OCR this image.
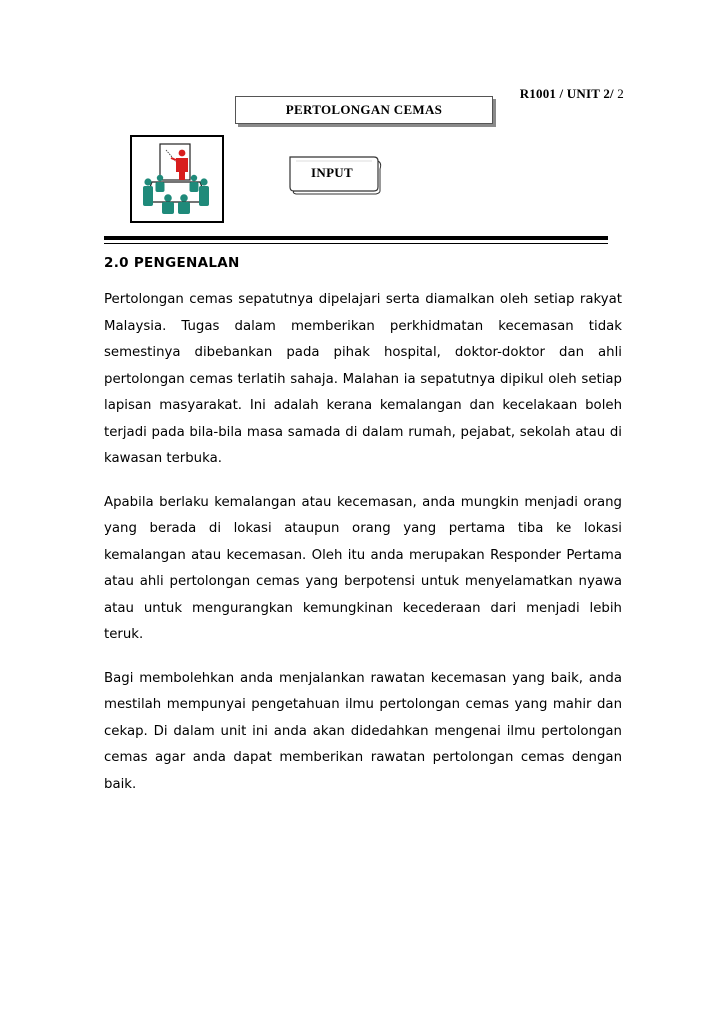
R1001 / UNIT 2/ 2
PERTOLONGAN CEMAS
INPUT
2.0 PENGENALAN

Pertolongan cemas sepatutnya dipelajari serta diamalkan oleh setiap rakyat Malaysia. Tugas dalam memberikan perkhidmatan kecemasan tidak semestinya dibebankan pada pihak hospital, doktor-doktor dan ahli pertolongan cemas terlatih sahaja. Malahan ia sepatutnya dipikul oleh setiap lapisan masyarakat. Ini adalah kerana kemalangan dan kecelakaan boleh terjadi pada bila-bila masa samada di dalam rumah, pejabat, sekolah atau di kawasan terbuka.

Apabila berlaku kemalangan atau kecemasan, anda mungkin menjadi orang yang berada di lokasi ataupun orang yang pertama tiba ke lokasi kemalangan atau kecemasan. Oleh itu anda merupakan Responder Pertama atau ahli pertolongan cemas yang berpotensi untuk menyelamatkan nyawa atau untuk mengurangkan kemungkinan kecederaan dari menjadi lebih teruk.

Bagi membolehkan anda menjalankan rawatan kecemasan yang baik, anda mestilah mempunyai pengetahuan ilmu pertolongan cemas yang mahir dan cekap. Di dalam unit ini anda akan didedahkan mengenai ilmu pertolongan cemas agar anda dapat memberikan rawatan pertolongan cemas dengan baik.
